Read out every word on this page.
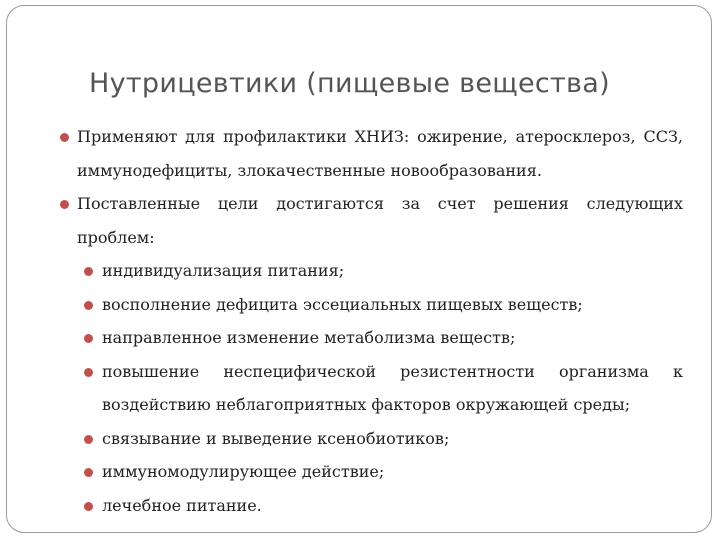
Нутрицевтики (пищевые вещества)

Применяют для профилактики ХНИЗ: ожирение, атеросклероз, ССЗ, иммунодефициты, злокачественные новообразования.

Поставленные цели достигаются за счет решения следующих проблем:

индивидуализация питания;

восполнение дефицита эссециальных пищевых веществ;

направленное изменение метаболизма веществ;

повышение неспецифической резистентности организма к воздействию неблагоприятных факторов окружающей среды;

связывание и выведение ксенобиотиков;

иммуномодулирующее действие;

лечебное питание.
